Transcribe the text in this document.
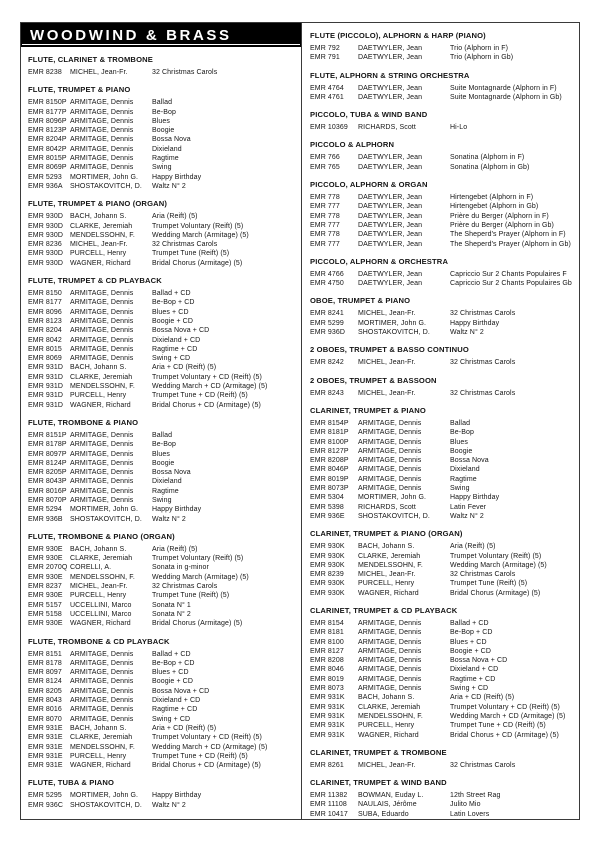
WOODWIND & BRASS
FLUTE, CLARINET & TROMBONE
EMR 8238	MICHEL, Jean-Fr.	32 Christmas Carols
FLUTE, TRUMPET & PIANO
EMR 8150P ARMITAGE, Dennis	Ballad
EMR 8177P ARMITAGE, Dennis	Be-Bop
EMR 8096P ARMITAGE, Dennis	Blues
EMR 8123P ARMITAGE, Dennis	Boogie
EMR 8204P ARMITAGE, Dennis	Bossa Nova
EMR 8042P ARMITAGE, Dennis	Dixieland
EMR 8015P ARMITAGE, Dennis	Ragtime
EMR 8069P ARMITAGE, Dennis	Swing
EMR 5293	MORTIMER, John G.	Happy Birthday
EMR 936A	SHOSTAKOVITCH, D.	Waltz N° 2
FLUTE, TRUMPET & PIANO (ORGAN)
EMR 930D BACH, Johann S.	Aria (Reift) (5)
EMR 930D CLARKE, Jeremiah	Trumpet Voluntary (Reift) (5)
EMR 930D MENDELSSOHN, F.	Wedding March (Armitage) (5)
EMR 8236	MICHEL, Jean-Fr.	32 Christmas Carols
EMR 930D PURCELL, Henry	Trumpet Tune (Reift) (5)
EMR 930D WAGNER, Richard	Bridal Chorus (Armitage) (5)
FLUTE, TRUMPET & CD PLAYBACK
EMR 8150	ARMITAGE, Dennis	Ballad + CD
EMR 8177	ARMITAGE, Dennis	Be-Bop + CD
EMR 8096	ARMITAGE, Dennis	Blues + CD
EMR 8123	ARMITAGE, Dennis	Boogie + CD
EMR 8204	ARMITAGE, Dennis	Bossa Nova + CD
EMR 8042	ARMITAGE, Dennis	Dixieland + CD
EMR 8015	ARMITAGE, Dennis	Ragtime + CD
EMR 8069	ARMITAGE, Dennis	Swing + CD
EMR 931D BACH, Johann S.	Aria + CD (Reift) (5)
EMR 931D CLARKE, Jeremiah	Trumpet Voluntary + CD (Reift) (5)
EMR 931D MENDELSSOHN, F.	Wedding March + CD (Armitage) (5)
EMR 931D PURCELL, Henry	Trumpet Tune + CD (Reift) (5)
EMR 931D WAGNER, Richard	Bridal Chorus + CD (Armitage) (5)
FLUTE, TROMBONE & PIANO
EMR 8151P ARMITAGE, Dennis	Ballad
EMR 8178P ARMITAGE, Dennis	Be-Bop
EMR 8097P ARMITAGE, Dennis	Blues
EMR 8124P ARMITAGE, Dennis	Boogie
EMR 8205P ARMITAGE, Dennis	Bossa Nova
EMR 8043P ARMITAGE, Dennis	Dixieland
EMR 8016P ARMITAGE, Dennis	Ragtime
EMR 8070P ARMITAGE, Dennis	Swing
EMR 5294	MORTIMER, John G.	Happy Birthday
EMR 936B	SHOSTAKOVITCH, D.	Waltz N° 2
FLUTE, TROMBONE & PIANO (ORGAN)
EMR 930E	BACH, Johann S.	Aria (Reift) (5)
EMR 930E	CLARKE, Jeremiah	Trumpet Voluntary (Reift) (5)
EMR 2070Q CORELLI, A.	Sonata in g-minor
EMR 930E	MENDELSSOHN, F.	Wedding March (Armitage) (5)
EMR 8237	MICHEL, Jean-Fr.	32 Christmas Carols
EMR 930E	PURCELL, Henry	Trumpet Tune (Reift) (5)
EMR 5157	UCCELLINI, Marco	Sonata N° 1
EMR 5158	UCCELLINI, Marco	Sonata N° 2
EMR 930E	WAGNER, Richard	Bridal Chorus (Armitage) (5)
FLUTE, TROMBONE & CD PLAYBACK
EMR 8151	ARMITAGE, Dennis	Ballad + CD
EMR 8178	ARMITAGE, Dennis	Be-Bop + CD
EMR 8097	ARMITAGE, Dennis	Blues + CD
EMR 8124	ARMITAGE, Dennis	Boogie + CD
EMR 8205	ARMITAGE, Dennis	Bossa Nova + CD
EMR 8043	ARMITAGE, Dennis	Dixieland + CD
EMR 8016	ARMITAGE, Dennis	Ragtime + CD
EMR 8070	ARMITAGE, Dennis	Swing + CD
EMR 931E	BACH, Johann S.	Aria + CD (Reift) (5)
EMR 931E	CLARKE, Jeremiah	Trumpet Voluntary + CD (Reift) (5)
EMR 931E	MENDELSSOHN, F.	Wedding March + CD (Armitage) (5)
EMR 931E	PURCELL, Henry	Trumpet Tune + CD (Reift) (5)
EMR 931E	WAGNER, Richard	Bridal Chorus + CD (Armitage) (5)
FLUTE, TUBA & PIANO
EMR 5295	MORTIMER, John G.	Happy Birthday
EMR 936C SHOSTAKOVITCH, D.	Waltz N° 2
FLUTE (PICCOLO), ALPHORN & HARP (PIANO)
EMR 792	DAETWYLER, Jean	Trio (Alphorn in F)
EMR 791	DAETWYLER, Jean	Trio (Alphorn in Gb)
FLUTE, ALPHORN & STRING ORCHESTRA
EMR 4764	DAETWYLER, Jean	Suite Montagnarde (Alphorn in F)
EMR 4761	DAETWYLER, Jean	Suite Montagnarde (Alphorn in Gb)
PICCOLO, TUBA & WIND BAND
EMR 10369	RICHARDS, Scott	Hi-Lo
PICCOLO & ALPHORN
EMR 766	DAETWYLER, Jean	Sonatina (Alphorn in F)
EMR 765	DAETWYLER, Jean	Sonatina (Alphorn in Gb)
PICCOLO, ALPHORN & ORGAN
EMR 778	DAETWYLER, Jean	Hirtengebet (Alphorn in F)
EMR 777	DAETWYLER, Jean	Hirtengebet (Alphorn in Gb)
EMR 778	DAETWYLER, Jean	Prière du Berger (Alphorn in F)
EMR 777	DAETWYLER, Jean	Prière du Berger (Alphorn in Gb)
EMR 778	DAETWYLER, Jean	The Sheperd's Prayer (Alphorn in F)
EMR 777	DAETWYLER, Jean	The Sheperd's Prayer (Alphorn in Gb)
PICCOLO, ALPHORN & ORCHESTRA
EMR 4766	DAETWYLER, Jean	Capriccio Sur 2 Chants Populaires F
EMR 4750	DAETWYLER, Jean	Capriccio Sur 2 Chants Populaires Gb
OBOE, TRUMPET & PIANO
EMR 8241	MICHEL, Jean-Fr.	32 Christmas Carols
EMR 5299	MORTIMER, John G.	Happy Birthday
EMR 936D	SHOSTAKOVITCH, D.	Waltz N° 2
2 OBOES, TRUMPET & BASSO CONTINUO
EMR 8242	MICHEL, Jean-Fr.	32 Christmas Carols
2 OBOES, TRUMPET & BASSOON
EMR 8243	MICHEL, Jean-Fr.	32 Christmas Carols
CLARINET, TRUMPET & PIANO
EMR 8154P	ARMITAGE, Dennis	Ballad
EMR 8181P	ARMITAGE, Dennis	Be-Bop
EMR 8100P	ARMITAGE, Dennis	Blues
EMR 8127P	ARMITAGE, Dennis	Boogie
EMR 8208P	ARMITAGE, Dennis	Bossa Nova
EMR 8046P	ARMITAGE, Dennis	Dixieland
EMR 8019P	ARMITAGE, Dennis	Ragtime
EMR 8073P	ARMITAGE, Dennis	Swing
EMR 5304	MORTIMER, John G.	Happy Birthday
EMR 5398	RICHARDS, Scott	Latin Fever
EMR 936E	SHOSTAKOVITCH, D.	Waltz N° 2
CLARINET, TRUMPET & PIANO (ORGAN)
EMR 930K	BACH, Johann S.	Aria (Reift) (5)
EMR 930K	CLARKE, Jeremiah	Trumpet Voluntary (Reift) (5)
EMR 930K	MENDELSSOHN, F.	Wedding March (Armitage) (5)
EMR 8239	MICHEL, Jean-Fr.	32 Christmas Carols
EMR 930K	PURCELL, Henry	Trumpet Tune (Reift) (5)
EMR 930K	WAGNER, Richard	Bridal Chorus (Armitage) (5)
CLARINET, TRUMPET & CD PLAYBACK
EMR 8154	ARMITAGE, Dennis	Ballad + CD
EMR 8181	ARMITAGE, Dennis	Be-Bop + CD
EMR 8100	ARMITAGE, Dennis	Blues + CD
EMR 8127	ARMITAGE, Dennis	Boogie + CD
EMR 8208	ARMITAGE, Dennis	Bossa Nova + CD
EMR 8046	ARMITAGE, Dennis	Dixieland + CD
EMR 8019	ARMITAGE, Dennis	Ragtime + CD
EMR 8073	ARMITAGE, Dennis	Swing + CD
EMR 931K	BACH, Johann S.	Aria + CD (Reift) (5)
EMR 931K	CLARKE, Jeremiah	Trumpet Voluntary + CD (Reift) (5)
EMR 931K	MENDELSSOHN, F.	Wedding March + CD (Armitage) (5)
EMR 931K	PURCELL, Henry	Trumpet Tune + CD (Reift) (5)
EMR 931K	WAGNER, Richard	Bridal Chorus + CD (Armitage) (5)
CLARINET, TRUMPET & TROMBONE
EMR 8261	MICHEL, Jean-Fr.	32 Christmas Carols
CLARINET, TRUMPET & WIND BAND
EMR 11382	BOWMAN, Euday L.	12th Street Rag
EMR 11108	NAULAIS, Jérôme	Julito Mio
EMR 10417	SUBA, Eduardo	Latin Lovers
